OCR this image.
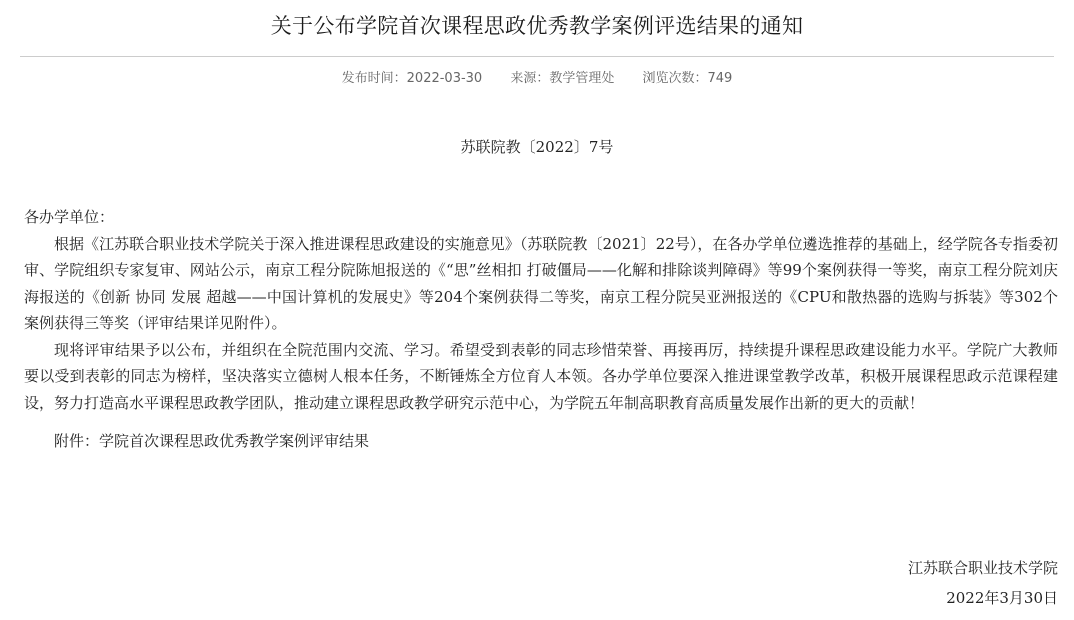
关于公布学院首次课程思政优秀教学案例评选结果的通知
发布时间：2022-03-30 来源：教学管理处 浏览次数：749
苏联院教〔2022〕7号

各办学单位：

根据《江苏联合职业技术学院关于深入推进课程思政建设的实施意见》（苏联院教〔2021〕22号），在各办学单位遴选推荐的基础上，经学院各专指委初审、学院组织专家复审、网站公示，南京工程分院陈旭报送的《“思”丝相扣 打破僵局——化解和排除谈判障碍》等99个案例获得一等奖，南京工程分院刘庆海报送的《创新 协同 发展 超越——中国计算机的发展史》等204个案例获得二等奖，南京工程分院吴亚洲报送的《CPU和散热器的选购与拆装》等302个案例获得三等奖（评审结果详见附件）。

现将评审结果予以公布，并组织在全院范围内交流、学习。希望受到表彰的同志珍惜荣誉、再接再厉，持续提升课程思政建设能力水平。学院广大教师要以受到表彰的同志为榜样，坚决落实立德树人根本任务，不断锤炼全方位育人本领。各办学单位要深入推进课堂教学改革，积极开展课程思政示范课程建设，努力打造高水平课程思政教学团队，推动建立课程思政教学研究示范中心，为学院五年制高职教育高质量发展作出新的更大的贡献！

附件：学院首次课程思政优秀教学案例评审结果

江苏联合职业技术学院
2022年3月30日
